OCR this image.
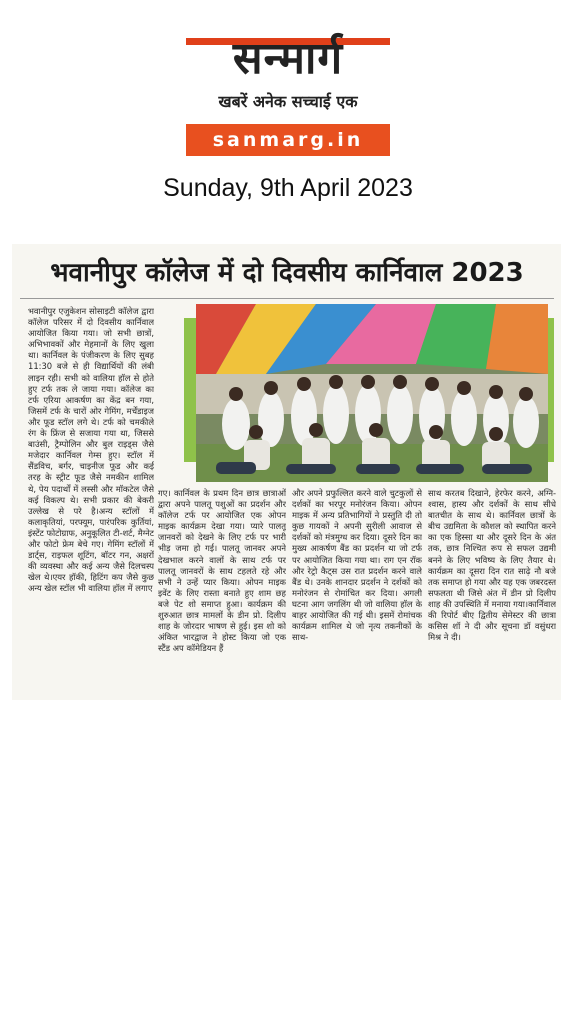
सन्मार्ग
खबरें अनेक सच्चाई एक
sanmarg.in
Sunday, 9th April 2023
भवानीपुर कॉलेज में दो दिवसीय कार्निवाल 2023
भवानीपुर एजुकेशन सोसाइटी कॉलेज द्वारा कॉलेज परिसर में दो दिवसीय कार्निवाल आयोजित किया गया। जो सभी छात्रों, अभिभावकों और मेहमानों के लिए खुला था। कार्निवल के पंजीकरण के लिए सुबह 11:30 बजे से ही विद्यार्थियों की लंबी लाइन रही। सभी को वालिया हॉल से होते हुए टर्फ तक ले जाया गया। कॉलेज का टर्फ एरिया आकर्षण का केंद्र बन गया, जिसमें टर्फ के चारों ओर गेमिंग, मर्चेंडाइज और फूड स्टॉल लगे थे। टर्फ को चमकीले रंग के फ्रिंज से सजाया गया था, जिससे बाउंसी, ट्रैम्पोलिन और बुल राइड्स जैसे मजेदार कार्निवल गेम्स हुए। स्टॉल में सैंडविच, बर्गर, चाइनीज फूड और कई तरह के स्ट्रीट फूड जैसे नमकीन शामिल थे, पेय पदार्थों में लस्सी और मॉकटेल जैसे कई विकल्प थे। सभी प्रकार की बेकरी उल्लेख से परे है।अन्य स्टॉलों में कलाकृतियां, परफ्यूम, पारंपरिक कुर्तियां, इंस्टेंट फोटोग्राफ, अनुकूलित टी-शर्ट, मैग्नेट और फोटो फ्रेम बेचे गए। गेमिंग स्टॉलों में डार्ट्स, राइफल शूटिंग, बॉटर गन, अक्षरों की व्यवस्था और कई अन्य जैसे दिलचस्प खेल थे।एयर हॉकी, हिटिंग कप जैसे कुछ अन्य खेल स्टॉल भी वालिया हॉल में लगाए
गए। कार्निवल के प्रथम दिन छात्र छात्राओं द्वारा अपने पालतू पशुओं का प्रदर्शन और कॉलेज टर्फ पर आयोजित एक ओपन माइक कार्यक्रम देखा गया। प्यारे पालतू जानवरों को देखने के लिए टर्फ पर भारी भीड़ जमा हो गई। पालतू जानवर अपने देखभाल करने वालों के साथ टर्फ पर पालतू जानवरों के साथ टहलते रहे और सभी ने उन्हें प्यार किया। ओपन माइक इवेंट के लिए रास्ता बनाते हुए शाम छह बजे पेट शो समाप्त हुआ। कार्यक्रम की शुरुआत छात्र मामलों के डीन प्रो. दिलीप शाह के जोरदार भाषण से हुई। इस शो को अंकित भारद्वाज ने होस्ट किया जो एक स्टैंड अप कॉमेडियन हैं
और अपने प्रफुल्लित करने वाले चुटकुलों से दर्शकों का भरपूर मनोरंजन किया। ओपन माइक में अन्य प्रतिभागियों ने प्रस्तुति दी तो कुछ गायकों ने अपनी सुरीली आवाज से दर्शकों को मंत्रमुग्ध कर दिया। दूसरे दिन का मुख्य आकर्षण बैंड का प्रदर्शन था जो टर्फ पर आयोजित किया गया था। राग एन रॉक और रेट्रो कैट्स उस रात प्रदर्शन करने वाले बैंड थे। उनके शानदार प्रदर्शन ने दर्शकों को मनोरंजन से रोमांचित कर दिया। अगली घटना आग जगलिंग थी जो वालिया हॉल के बाहर आयोजित की गई थी। इसमें रोमांचक कार्यक्रम शामिल थे जो नृत्य तकनीकों के साथ-
साथ करतब दिखाने, हेरफेर करने, अग्नि-श्वास, हास्य और दर्शकों के साथ सीधे बातचीत के साथ थे। कार्निवल छात्रों के बीच उद्यमिता के कौशल को स्थापित करने का एक हिस्सा था और दूसरे दिन के अंत तक, छात्र निश्चित रूप से सफल उद्यमी बनने के लिए भविष्य के लिए तैयार थे। कार्यक्रम का दूसरा दिन रात साढ़े नौ बजे तक समाप्त हो गया और यह एक जबरदस्त सफलता थी जिसे अंत में डीन प्रो दिलीप शाह की उपस्थिति में मनाया गया।कार्निवाल की रिपोर्ट बीए द्वितीय सेमेस्टर की छात्रा कसिस शॉ ने दी और सूचना डॉ वसुंधरा मिश्र ने दी।
